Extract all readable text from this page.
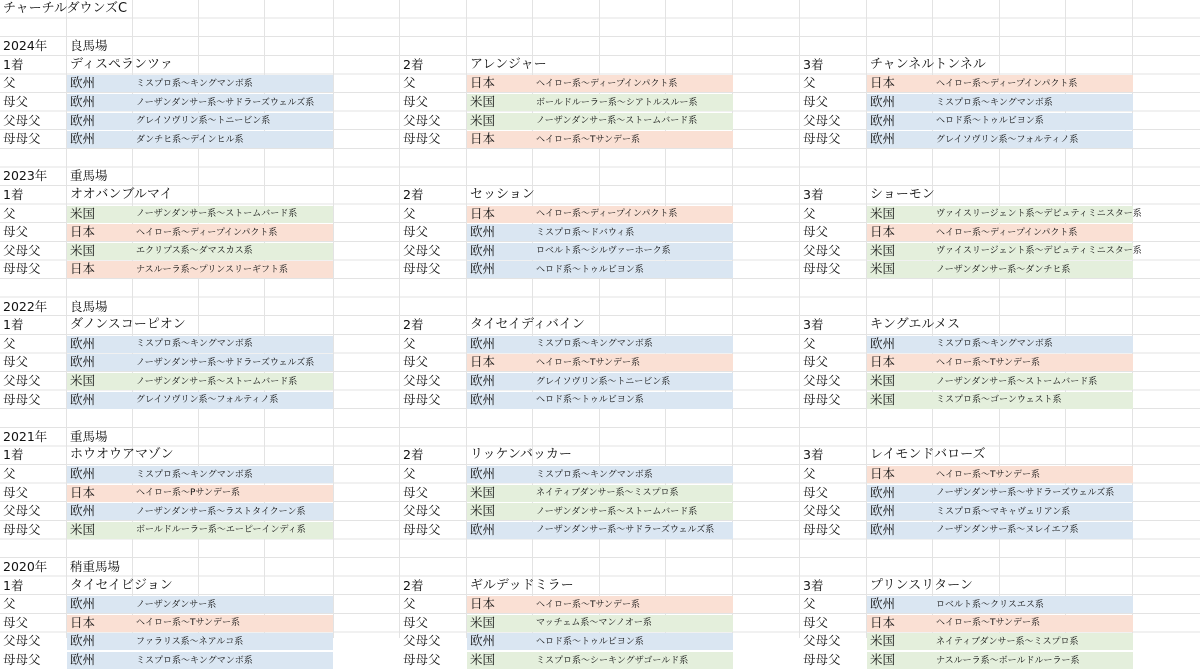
チャーチルダウンズC
2024年 良馬場
1着	ディスペランツァ
父	欧州	ミスプロ系～キングマンボ系
母父	欧州	ノーザンダンサー系～サドラーズウェルズ系
父母父 欧州	グレイソヴリン系～トニービン系
母母父 欧州	ダンチヒ系～デインヒル系
2着	アレンジャー
父	日本	ヘイロー系～ディープインパクト系
母父	米国	ボールドルーラー系～シアトルスルー系
父母父 米国	ノーザンダンサー系～ストームバード系
母母父 日本	ヘイロー系～Tサンデー系
3着	チャンネルトンネル
父	日本	ヘイロー系～ディープインパクト系
母父	欧州	ミスプロ系～キングマンボ系
父母父 欧州	ヘロド系～トゥルビヨン系
母母父 欧州	グレイソヴリン系～フォルティノ系
2023年 重馬場
1着	オオバンブルマイ
父	米国	ノーザンダンサー系～ストームバード系
母父	日本	ヘイロー系～ディープインパクト系
父母父 米国	エクリプス系～ダマスカス系
母母父 日本	ナスルーラ系～プリンスリーギフト系
2着	セッション
父	日本	ヘイロー系～ディープインパクト系
母父	欧州	ミスプロ系～ドバウィ系
父母父 欧州	ロベルト系～シルヴァーホーク系
母母父 欧州	ヘロド系～トゥルビヨン系
3着	ショーモン
父	米国	ヴァイスリージェント系～デピュティミニスター系
母父	日本	ヘイロー系～ディープインパクト系
父母父 米国	ヴァイスリージェント系～デピュティミニスター系
母母父 米国	ノーザンダンサー系～ダンチヒ系
2022年 良馬場
1着	ダノンスコーピオン
父	欧州	ミスプロ系～キングマンボ系
母父	欧州	ノーザンダンサー系～サドラーズウェルズ系
父母父 米国	ノーザンダンサー系～ストームバード系
母母父 欧州	グレイソヴリン系～フォルティノ系
2着	タイセイディバイン
父	欧州	ミスプロ系～キングマンボ系
母父	日本	ヘイロー系～Tサンデー系
父母父 欧州	グレイソヴリン系～トニービン系
母母父 欧州	ヘロド系～トゥルビヨン系
3着	キングエルメス
父	欧州	ミスプロ系～キングマンボ系
母父	日本	ヘイロー系～Tサンデー系
父母父 米国	ノーザンダンサー系～ストームバード系
母母父 米国	ミスプロ系～ゴーンウェスト系
2021年 重馬場
1着	ホウオウアマゾン
父	欧州	ミスプロ系～キングマンボ系
母父	日本	ヘイロー系～Pサンデー系
父母父 欧州	ノーザンダンサー系～ラストタイクーン系
母母父 米国	ボールドルーラー系～エーピーインディ系
2着	リッケンバッカー
父	欧州	ミスプロ系～キングマンボ系
母父	米国	ネイティブダンサー系～ミスプロ系
父母父 米国	ノーザンダンサー系～ストームバード系
母母父 欧州	ノーザンダンサー系～サドラーズウェルズ系
3着	レイモンドバローズ
父	日本	ヘイロー系～Tサンデー系
母父	欧州	ノーザンダンサー系～サドラーズウェルズ系
父母父 欧州	ミスプロ系～マキャヴェリアン系
母母父 欧州	ノーザンダンサー系～ヌレイエフ系
2020年 稍重馬場
1着	タイセイビジョン
父	欧州	ノーザンダンサー系
母父	日本	ヘイロー系～Tサンデー系
父母父 欧州	ファラリス系～ネアルコ系
母母父 欧州	ミスプロ系～キングマンボ系
2着	ギルデッドミラー
父	日本	ヘイロー系～Tサンデー系
母父	米国	マッチェム系～マンノオー系
父母父 欧州	ヘロド系～トゥルビヨン系
母母父 米国	ミスプロ系～シーキングザゴールド系
3着	プリンスリターン
父	欧州	ロベルト系～クリスエス系
母父	日本	ヘイロー系～Tサンデー系
父母父 米国	ネイティブダンサー系～ミスプロ系
母母父 米国	ナスルーラ系～ボールドルーラー系
